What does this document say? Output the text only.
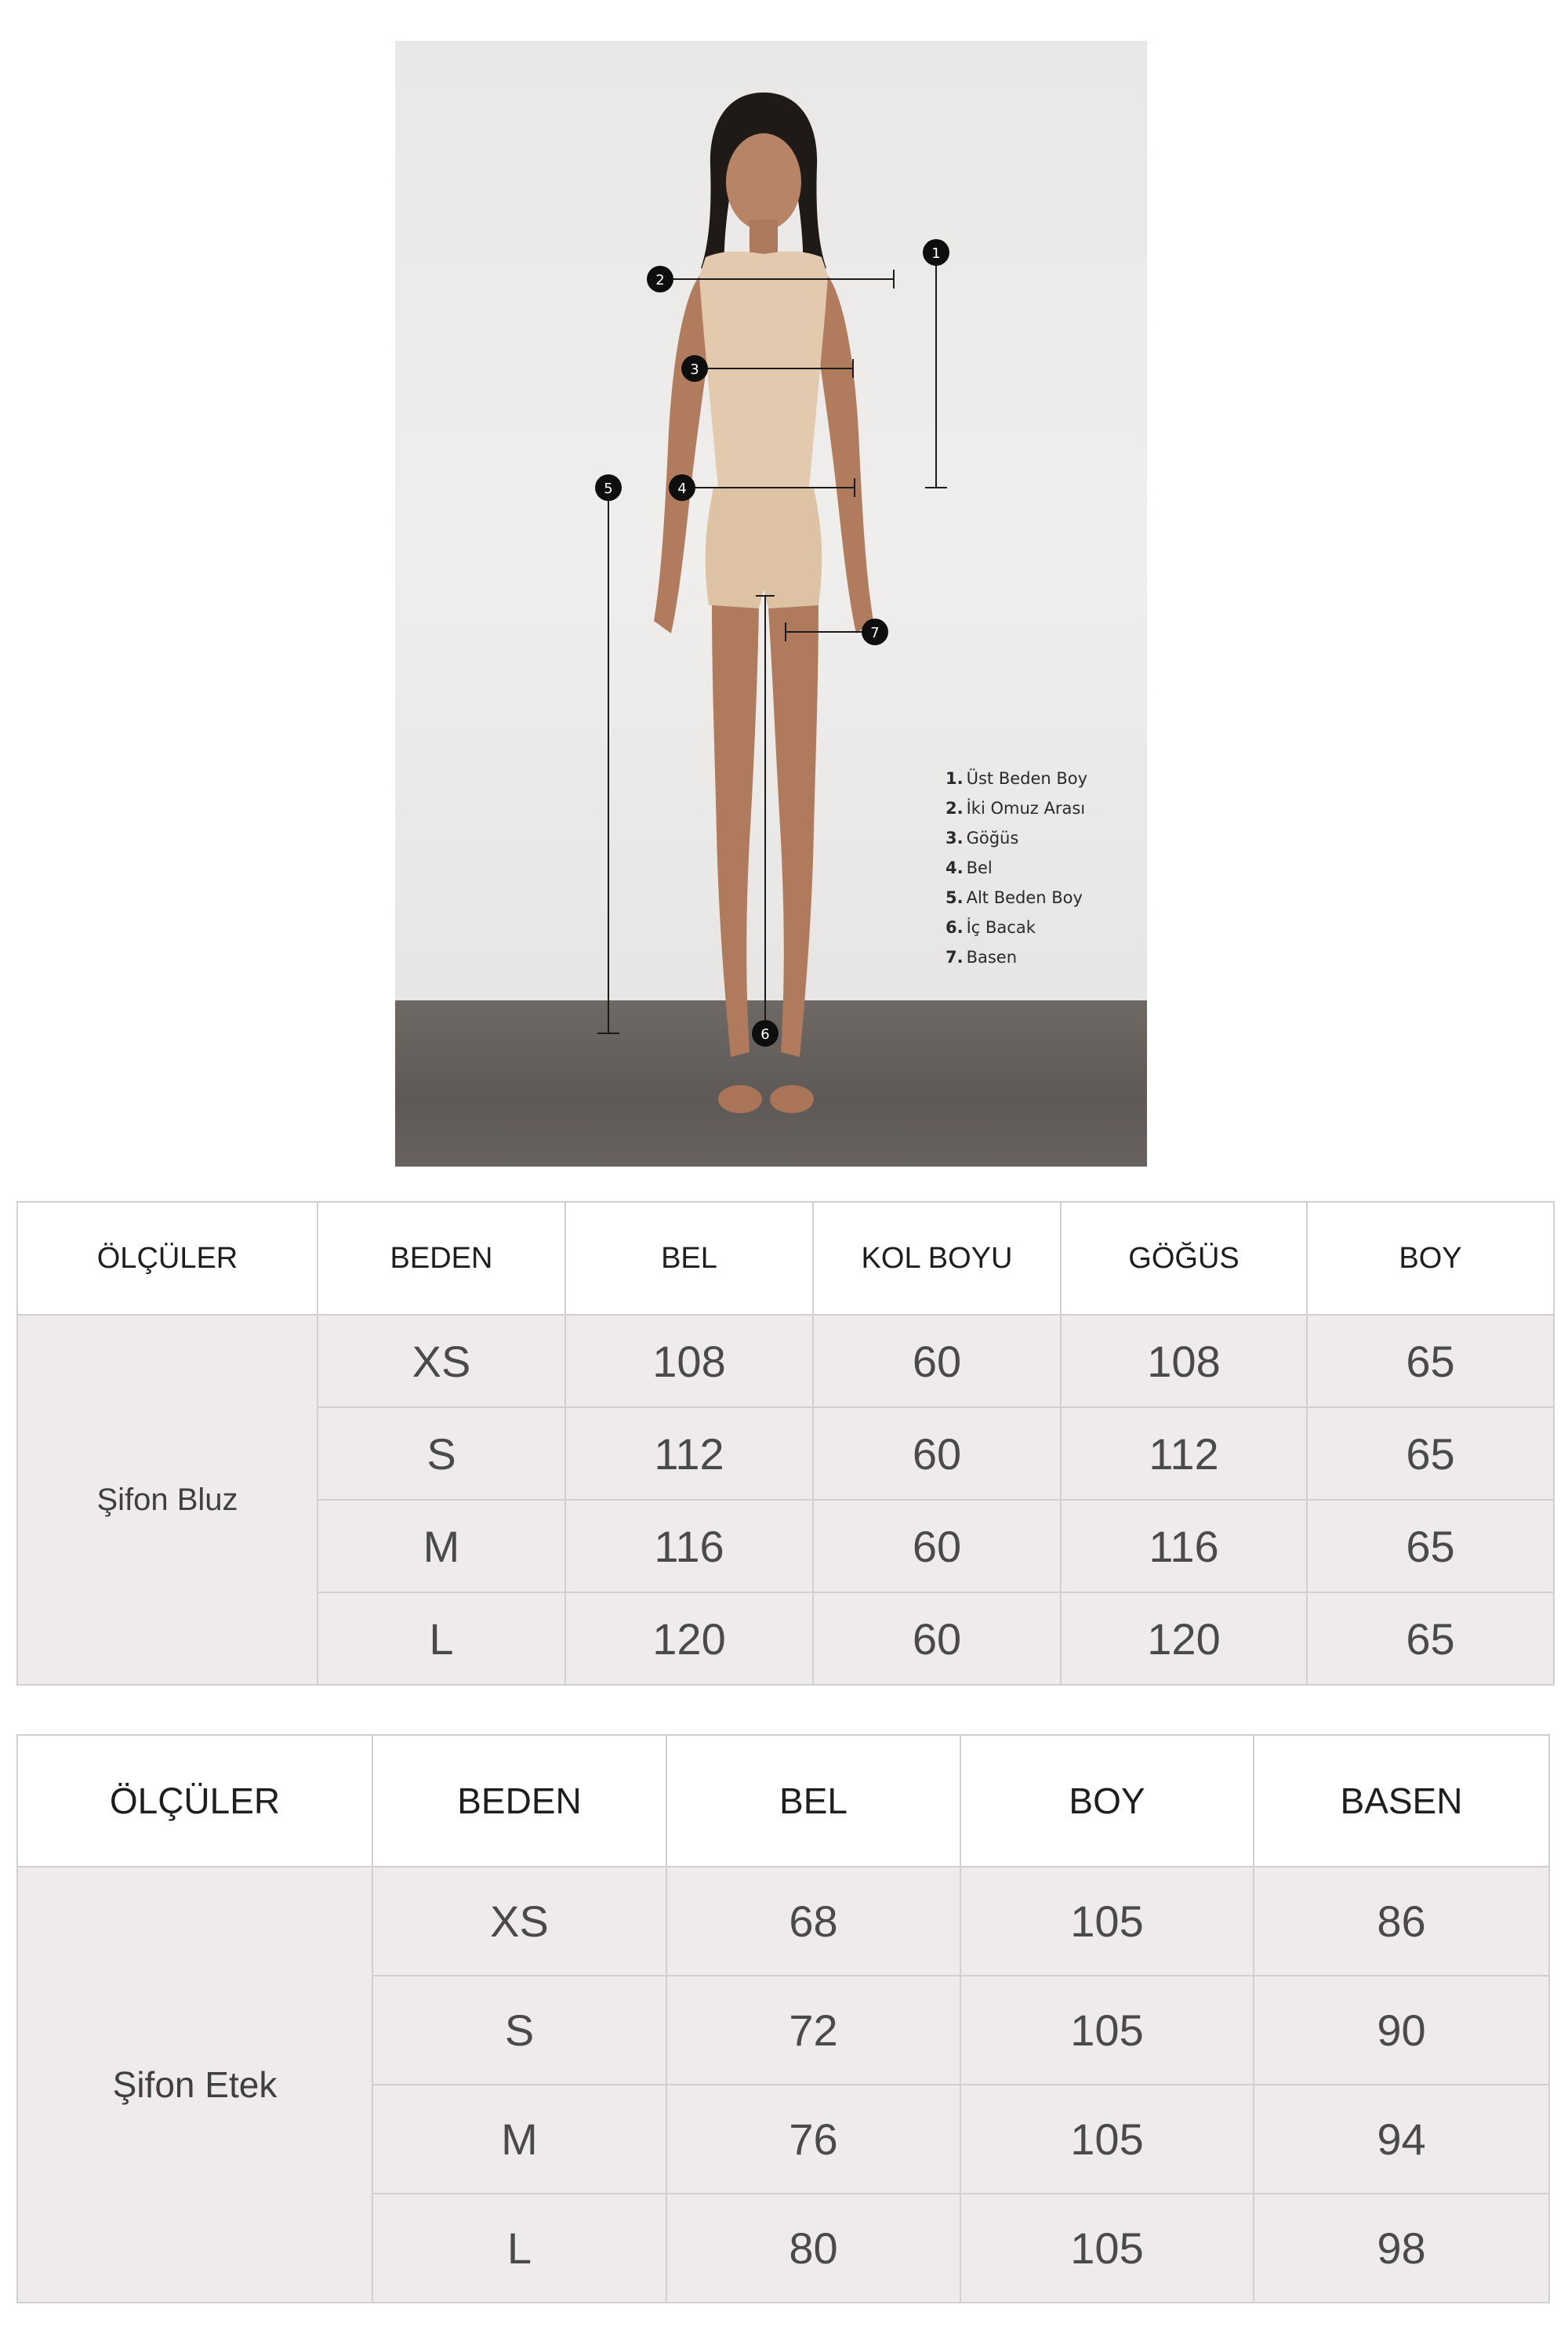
1
2
3
4
5
6
7
1. Üst Beden Boy
2. İki Omuz Arası
3. Göğüs
4. Bel
5. Alt Beden Boy
6. İç Bacak
7. Basen
ÖLÇÜLER	BEDEN	BEL	KOL BOYU	GÖĞÜS	BOY
Şifon Bluz	XS	108	60	108	65
	S	112	60	112	65
	M	116	60	116	65
	L	120	60	120	65
ÖLÇÜLER	BEDEN	BEL	BOY	BASEN
Şifon Etek	XS	68	105	86
	S	72	105	90
	M	76	105	94
	L	80	105	98
